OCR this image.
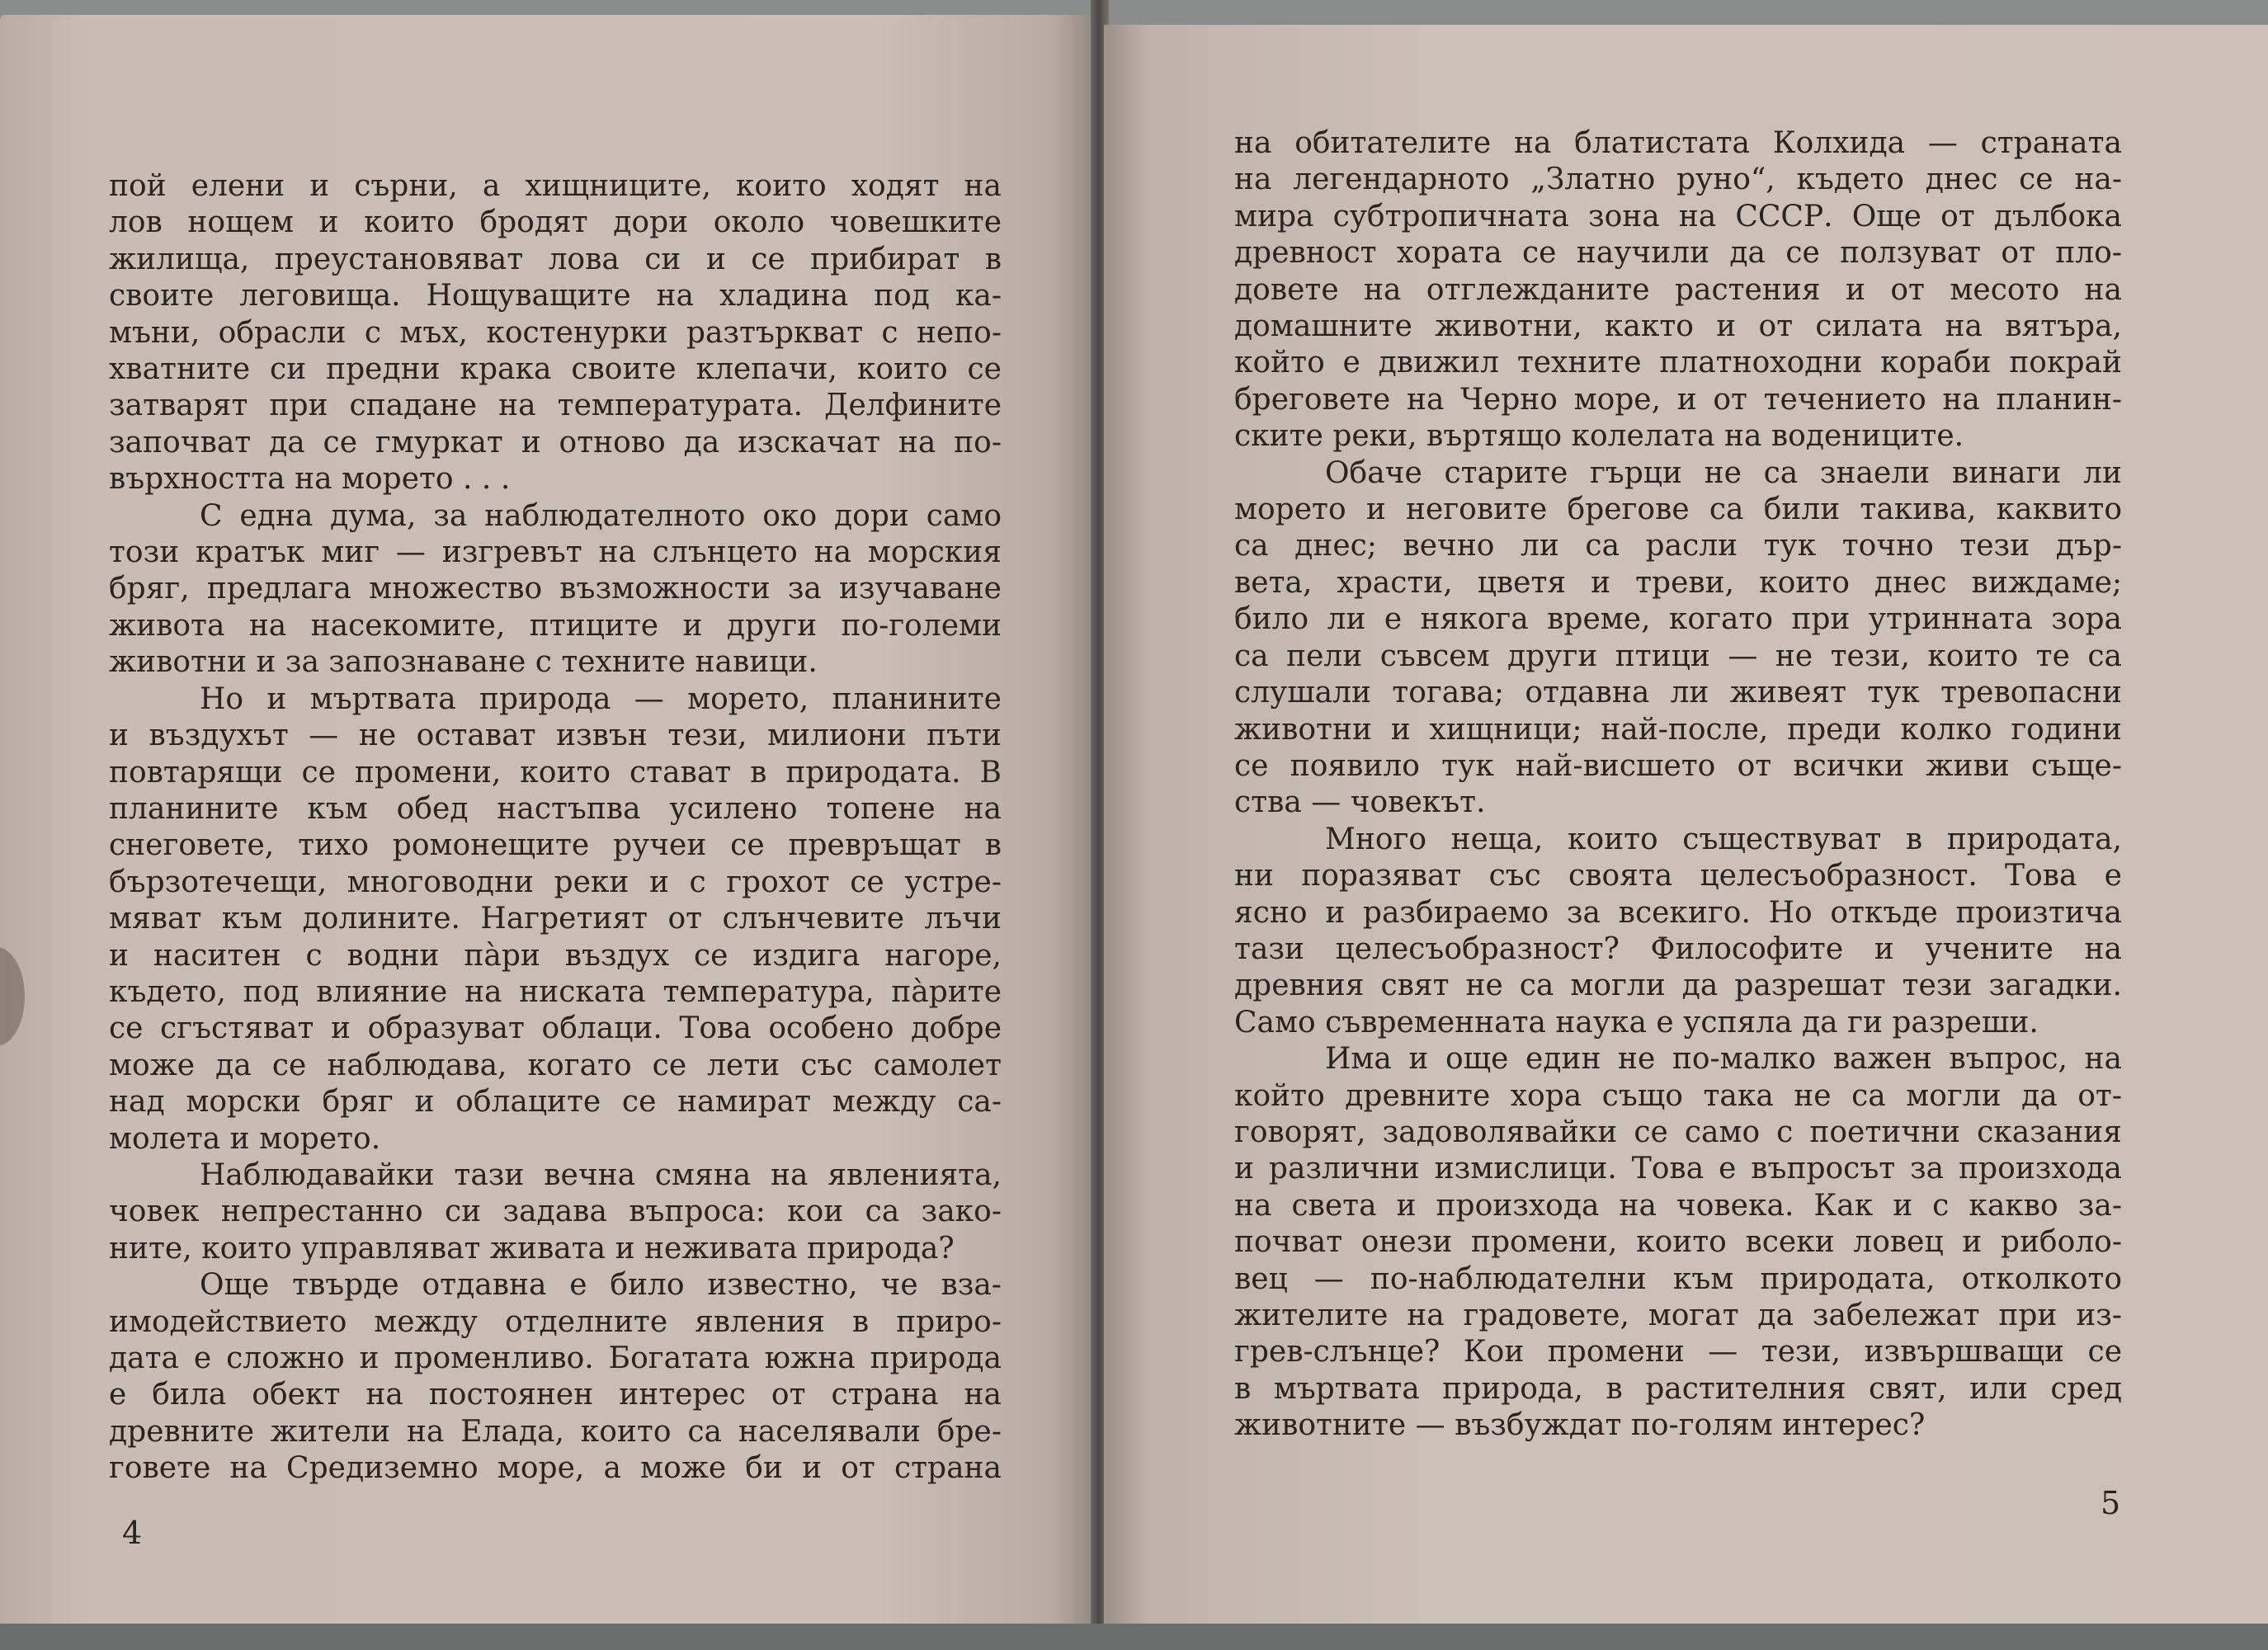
пой елени и сърни, а хищниците, които ходят на
лов нощем и които бродят дори около човешките
жилища, преустановяват лова си и се прибират в
своите леговища. Нощуващите на хладина под ка-
мъни, обрасли с мъх, костенурки разтъркват с непо-
хватните си предни крака своите клепачи, които се
затварят при спадане на температурата. Делфините
започват да се гмуркат и отново да изскачат на по-
върхността на морето . . .
С една дума, за наблюдателното око дори само
този кратък миг — изгревът на слънцето на морския
бряг, предлага множество възможности за изучаване
живота на насекомите, птиците и други по-големи
животни и за запознаване с техните навици.
Но и мъртвата природа — морето, планините
и въздухът — не остават извън тези, милиони пъти
повтарящи се промени, които стават в природата. В
планините към обед настъпва усилено топене на
снеговете, тихо ромонещите ручеи се превръщат в
бързотечещи, многоводни реки и с грохот се устре-
мяват към долините. Нагретият от слънчевите лъчи
и наситен с водни пàри въздух се издига нагоре,
където, под влияние на ниската температура, пàрите
се сгъстяват и образуват облаци. Това особено добре
може да се наблюдава, когато се лети със самолет
над морски бряг и облаците се намират между са-
молета и морето.
Наблюдавайки тази вечна смяна на явленията,
човек непрестанно си задава въпроса: кои са зако-
ните, които управляват живата и неживата природа?
Още твърде отдавна е било известно, че вза-
имодействието между отделните явления в приро-
дата е сложно и променливо. Богатата южна природа
е била обект на постоянен интерес от страна на
древните жители на Елада, които са населявали бре-
говете на Средиземно море, а може би и от страна
4
на обитателите на блатистата Колхида — страната
на легендарното „Златно руно“, където днес се на-
мира субтропичната зона на СССР. Още от дълбока
древност хората се научили да се ползуват от пло-
довете на отглежданите растения и от месото на
домашните животни, както и от силата на вятъра,
който е движил техните платноходни кораби покрай
бреговете на Черно море, и от течението на планин-
ските реки, въртящо колелата на водениците.
Обаче старите гърци не са знаели винаги ли
морето и неговите брегове са били такива, каквито
са днес; вечно ли са расли тук точно тези дър-
вета, храсти, цветя и треви, които днес виждаме;
било ли е някога време, когато при утринната зора
са пели съвсем други птици — не тези, които те са
слушали тогава; отдавна ли живеят тук тревопасни
животни и хищници; най-после, преди колко години
се появило тук най-висшето от всички живи съще-
ства — човекът.
Много неща, които съществуват в природата,
ни поразяват със своята целесъобразност. Това е
ясно и разбираемо за всекиго. Но откъде произтича
тази целесъобразност? Философите и учените на
древния свят не са могли да разрешат тези загадки.
Само съвременната наука е успяла да ги разреши.
Има и още един не по-малко важен въпрос, на
който древните хора също така не са могли да от-
говорят, задоволявайки се само с поетични сказания
и различни измислици. Това е въпросът за произхода
на света и произхода на човека. Как и с какво за-
почват онези промени, които всеки ловец и риболо-
вец — по-наблюдателни към природата, отколкото
жителите на градовете, могат да забележат при из-
грев-слънце? Кои промени — тези, извършващи се
в мъртвата природа, в растителния свят, или сред
животните — възбуждат по-голям интерес?
5
